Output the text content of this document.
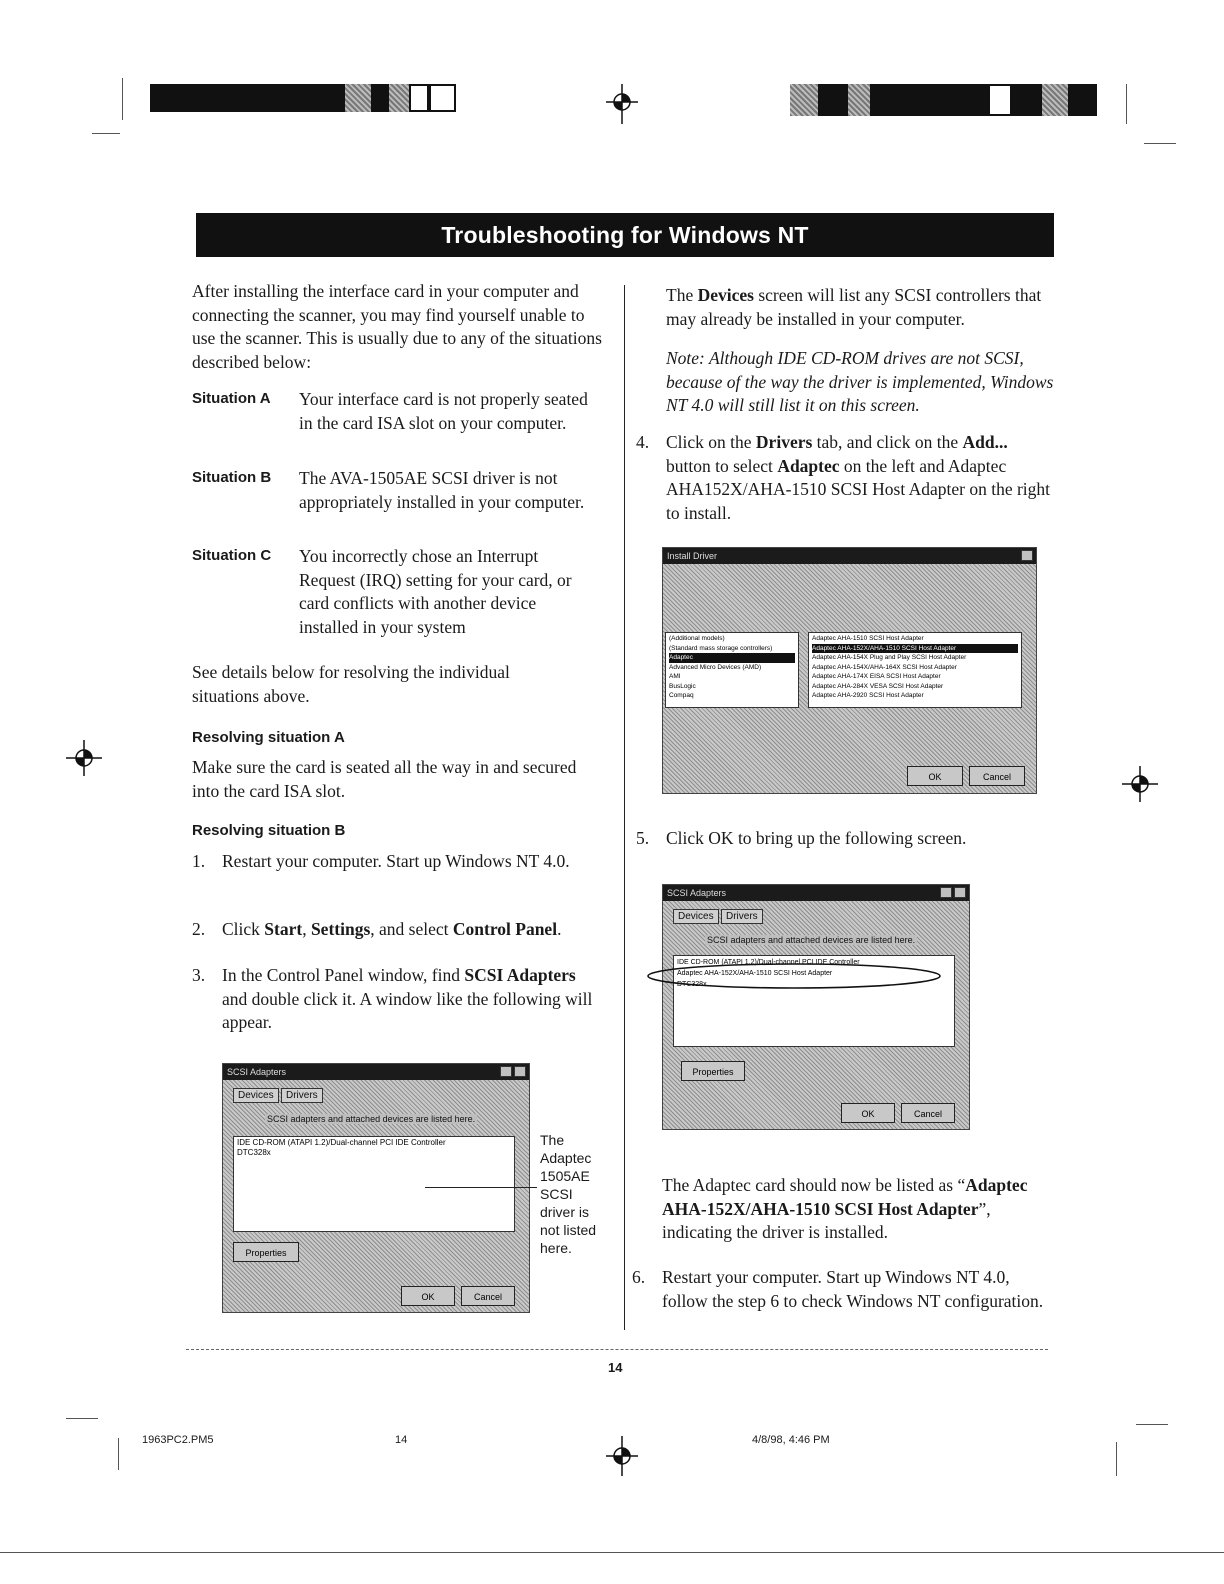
Troubleshooting for Windows NT
After installing the interface card in your computer and connecting the scanner, you may find yourself unable to use the scanner. This is usually due to any of the situations described below:
Situation A Your interface card is not properly seated in the card ISA slot on your computer.
Situation B The AVA-1505AE SCSI driver is not appropriately installed in your computer.
Situation C You incorrectly chose an Interrupt Request (IRQ) setting for your card, or card conflicts with another device installed in your system
See details below for resolving the individual situations above.
Resolving situation A
Make sure the card is seated all the way in and secured into the card ISA slot.
Resolving situation B
1. Restart your computer. Start up Windows NT 4.0.
2. Click Start, Settings, and select Control Panel.
3. In the Control Panel window, find SCSI Adapters and double click it. A window like the following will appear.
SCSI Adapters
Devices	Drivers
SCSI adapters and attached devices are listed here.
IDE CD-ROM (ATAPI 1.2)/Dual-channel PCI IDE Controller
DTC328x
Properties
OK	Cancel
The Adaptec 1505AE SCSI driver is not listed here.
The Devices screen will list any SCSI controllers that may already be installed in your computer.
Note: Although IDE CD-ROM drives are not SCSI, because of the way the driver is implemented, Windows NT 4.0 will still list it on this screen.
4. Click on the Drivers tab, and click on the Add... button to select Adaptec on the left and Adaptec AHA152X/AHA-1510 SCSI Host Adapter on the right to install.
Install Driver
(Additional models)
(Standard mass storage controllers)
Adaptec
Advanced Micro Devices (AMD)
AMI
BusLogic
Compaq
Adaptec AHA-1510 SCSI Host Adapter
Adaptec AHA-152X/AHA-1510 SCSI Host Adapter
Adaptec AHA-154X Plug and Play SCSI Host Adapter
Adaptec AHA-154X/AHA-164X SCSI Host Adapter
Adaptec AHA-174X EISA SCSI Host Adapter
Adaptec AHA-284X VESA SCSI Host Adapter
Adaptec AHA-2920 SCSI Host Adapter
OK	Cancel
5. Click OK to bring up the following screen.
SCSI Adapters
Devices	Drivers
SCSI adapters and attached devices are listed here.
IDE CD-ROM (ATAPI 1.2)/Dual-channel PCI IDE Controller
Adaptec AHA-152X/AHA-1510 SCSI Host Adapter
DTC328x
Properties
OK	Cancel
The Adaptec card should now be listed as “Adaptec AHA-152X/AHA-1510 SCSI Host Adapter”, indicating the driver is installed.
6. Restart your computer. Start up Windows NT 4.0, follow the step 6 to check Windows NT configuration.
14
1963PC2.PM5	14	4/8/98, 4:46 PM
